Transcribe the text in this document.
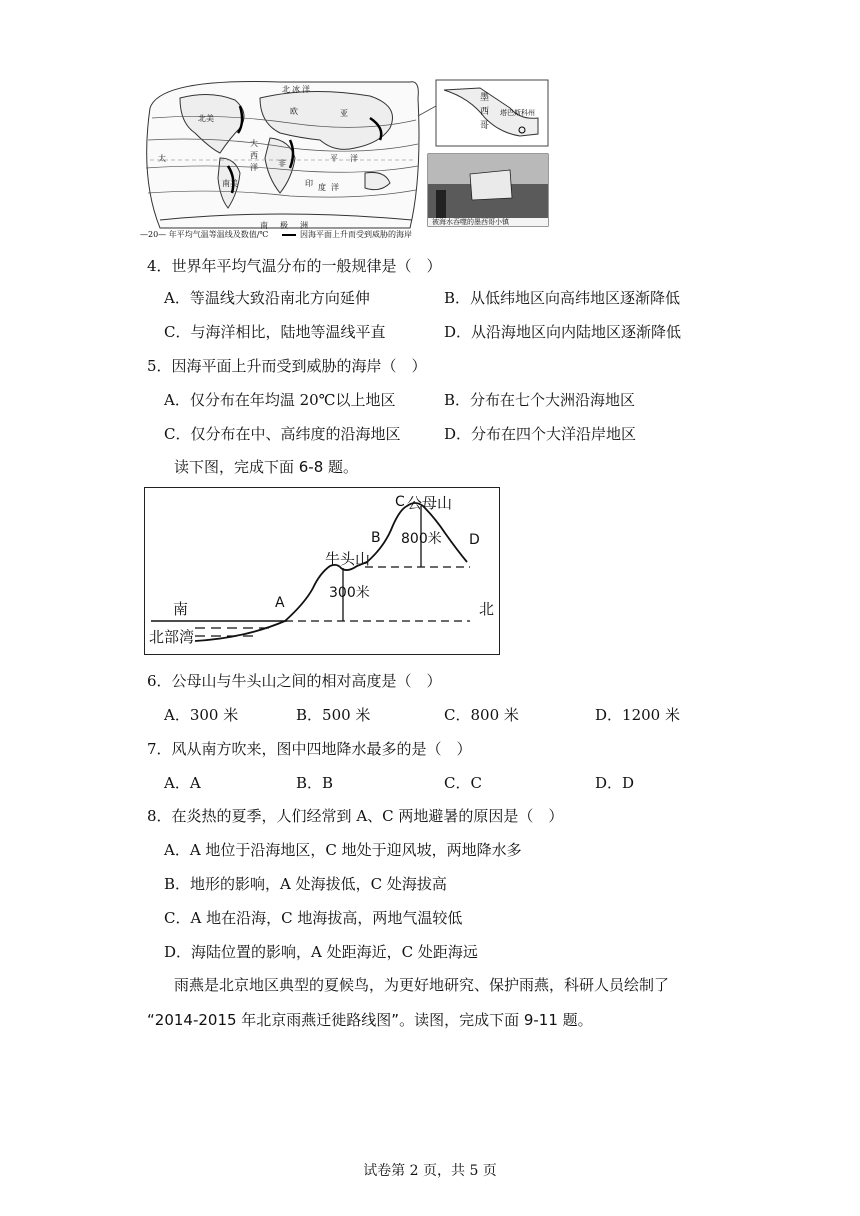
墨
西
哥
塔巴斯科州
北 冰 洋
太	平 洋
大
西
洋
印 度 洋
南 极 洲
亚
欧
非
北美
南美
被海水吞噬的墨西哥小镇
—20— 年平均气温等温线及数值/℃	因海平面上升而受到威胁的海岸
4．世界年平均气温分布的一般规律是（　）
A．等温线大致沿南北方向延伸	B．从低纬地区向高纬地区逐渐降低
C．与海洋相比，陆地等温线平直	D．从沿海地区向内陆地区逐渐降低
5．因海平面上升而受到威胁的海岸（　）
A．仅分布在年均温 20℃以上地区	B．分布在七个大洲沿海地区
C．仅分布在中、高纬度的沿海地区	D．分布在四个大洋沿岸地区
读下图，完成下面 6-8 题。
南	北
北部湾
牛头山
公母山
C
B
A
D
300米
800米
6．公母山与牛头山之间的相对高度是（　）
A．300 米	B．500 米	C．800 米	D．1200 米
7．风从南方吹来，图中四地降水最多的是（　）
A．A	B．B	C．C	D．D
8．在炎热的夏季，人们经常到 A、C 两地避暑的原因是（　）
A．A 地位于沿海地区，C 地处于迎风坡，两地降水多
B．地形的影响，A 处海拔低，C 处海拔高
C．A 地在沿海，C 地海拔高，两地气温较低
D．海陆位置的影响，A 处距海近，C 处距海远
雨燕是北京地区典型的夏候鸟，为更好地研究、保护雨燕，科研人员绘制了
“2014-2015 年北京雨燕迁徙路线图”。读图，完成下面 9-11 题。
试卷第 2 页，共 5 页
